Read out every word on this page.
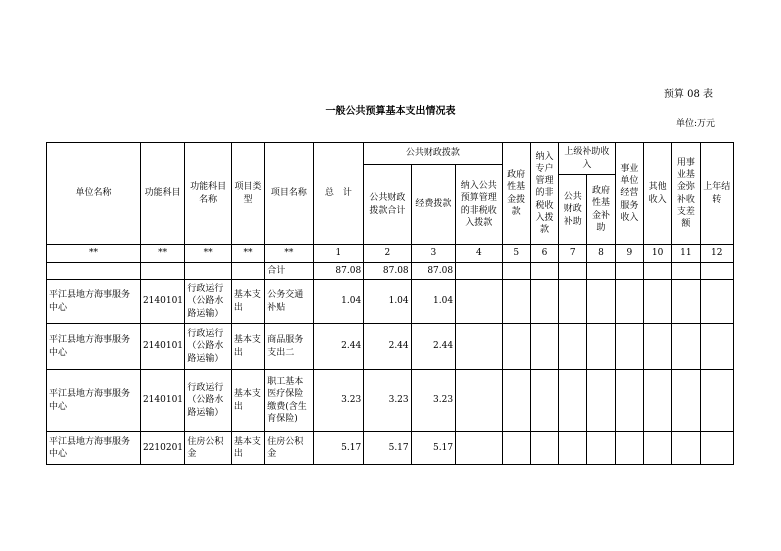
预算 08 表
一般公共预算基本支出情况表
单位:万元
单位名称	功能科目	功能科目名称	项目类型	项目名称	总　计	公共财政拨款			政府性基金拨款	纳入专户管理的非税收入拨款	上级补助收入		事业单位经营服务收入	其他收入	用事业基金弥补收支差额	上年结转
						公共财政拨款合计	经费拨款	纳入公共预算管理的非税收入拨款								
											公共财政补助	政府性基金补助				
**	**	**	**	**	1	2	3	4	5	6	7	8	9	10	11	12
				合计	87.08	87.08	87.08									
平江县地方海事服务中心	2140101	行政运行（公路水路运输）	基本支出	公务交通补贴	1.04	1.04	1.04									
平江县地方海事服务中心	2140101	行政运行（公路水路运输）	基本支出	商品服务支出二	2.44	2.44	2.44									
平江县地方海事服务中心	2140101	行政运行（公路水路运输）	基本支出	职工基本医疗保险缴费(含生育保险)	3.23	3.23	3.23									
平江县地方海事服务中心	2210201	住房公积金	基本支出	住房公积金	5.17	5.17	5.17									
